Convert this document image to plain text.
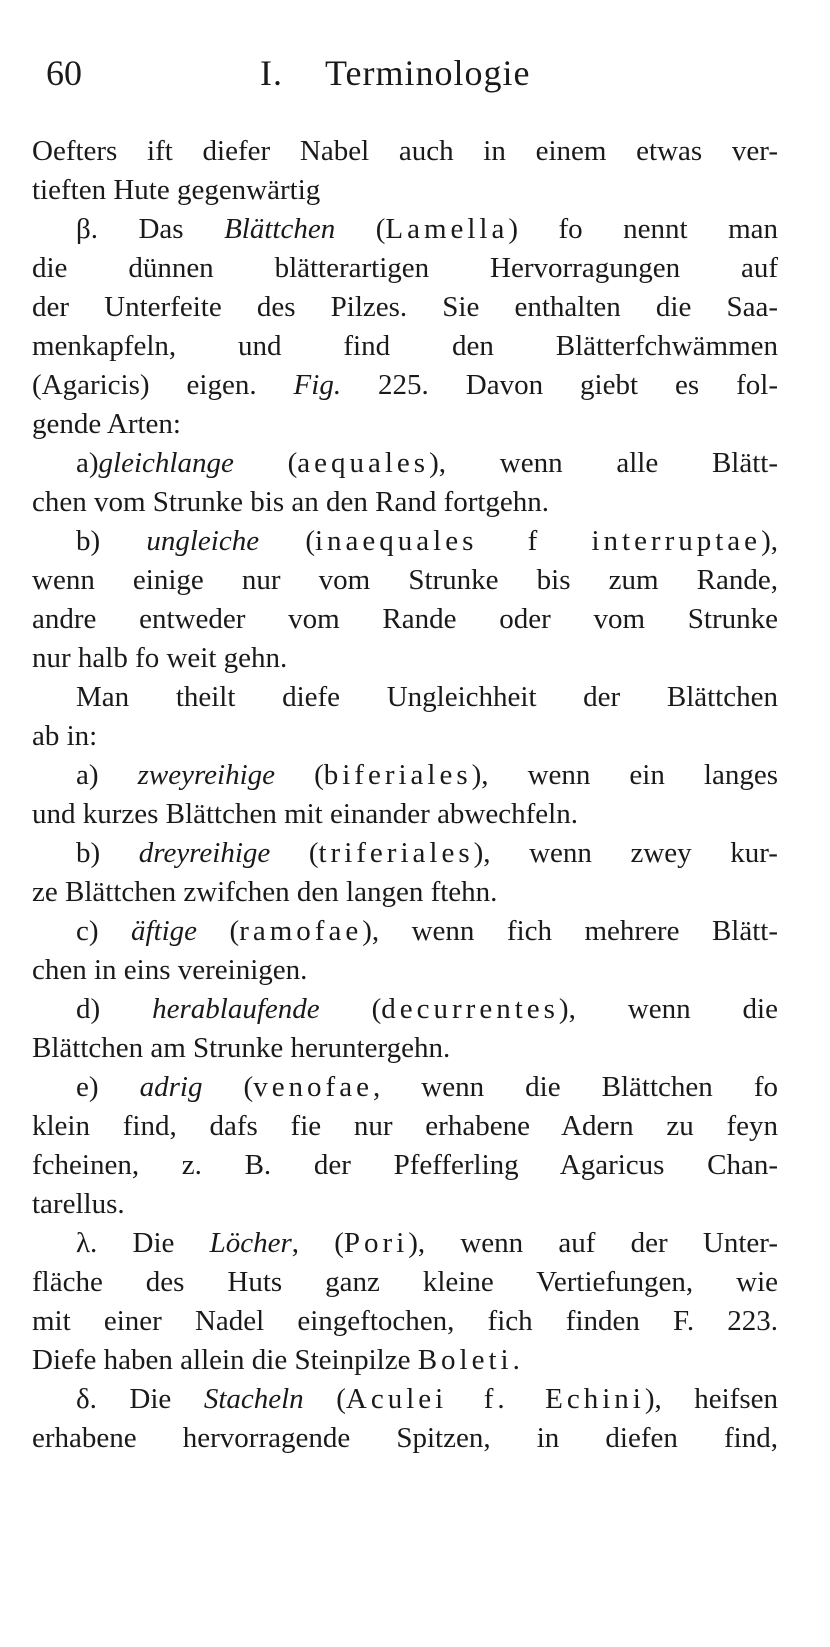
60	I. Terminologie
Oefters ift diefer Nabel auch in einem etwas ver-
tieften Hute gegenwärtig
β. Das Blättchen (Lamella) fo nennt man
die dünnen blätterartigen Hervorragungen auf
der Unterfeite des Pilzes. Sie enthalten die Saa-
menkapfeln, und find den Blätterfchwämmen
(Agaricis) eigen. Fig. 225. Davon giebt es fol-
gende Arten:
a)gleichlange (aequales), wenn alle Blätt-
chen vom Strunke bis an den Rand fortgehn.
b) ungleiche (inaequales f interruptae),
wenn einige nur vom Strunke bis zum Rande,
andre entweder vom Rande oder vom Strunke
nur halb fo weit gehn.
Man theilt diefe Ungleichheit der Blättchen
ab in:
a) zweyreihige (biferiales), wenn ein langes
und kurzes Blättchen mit einander abwechfeln.
b) dreyreihige (triferiales), wenn zwey kur-
ze Blättchen zwifchen den langen ftehn.
c) äftige (ramofae), wenn fich mehrere Blätt-
chen in eins vereinigen.
d) herablaufende (decurrentes), wenn die
Blättchen am Strunke heruntergehn.
e) adrig (venofae, wenn die Blättchen fo
klein find, dafs fie nur erhabene Adern zu feyn
fcheinen, z. B. der Pfefferling Agaricus Chan-
tarellus.
λ. Die Löcher, (Pori), wenn auf der Unter-
fläche des Huts ganz kleine Vertiefungen, wie
mit einer Nadel eingeftochen, fich finden F. 223.
Diefe haben allein die Steinpilze Boleti.
δ. Die Stacheln (Aculei f. Echini), heifsen
erhabene hervorragende Spitzen, in diefen find,
